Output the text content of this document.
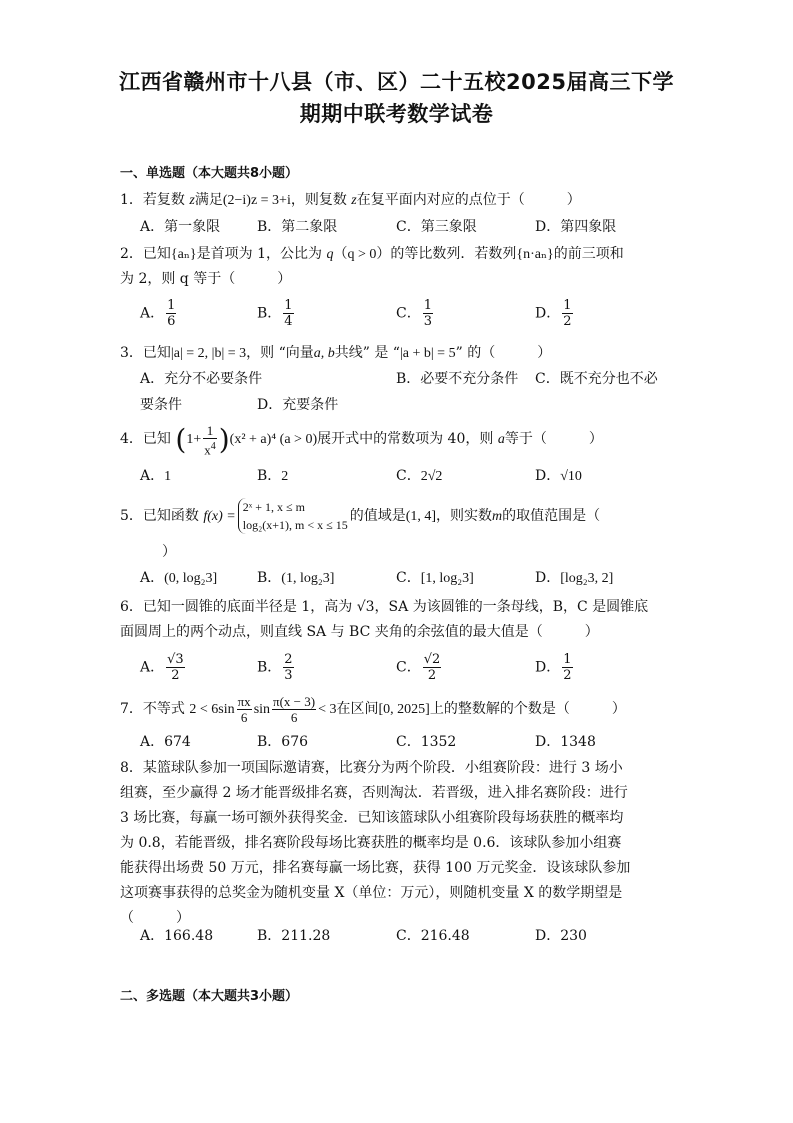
江西省赣州市十八县（市、区）二十五校2025届高三下学
期期中联考数学试卷
一、单选题（本大题共8小题）
1．若复数 z满足(2−i)z = 3+i，则复数 z在复平面内对应的点位于（　　　）
A．第一象限	B．第二象限	C．第三象限	D．第四象限
2．已知{aₙ}是首项为 1，公比为 q（q > 0）的等比数列．若数列{n·aₙ}的前三项和
为 2，则 q 等于（　　　）
A． $\frac{1}{6}$	B． $\frac{1}{4}$	C． $\frac{1}{3}$	D． $\frac{1}{2}$
3．已知|a| = 2, |b| = 3，则 “向量a, b共线” 是 “|a + b| = 5” 的（　　　）
A．充分不必要条件	B．必要不充分条件 C．既不充分也不必
要条件	D．充要条件
4．已知 $(1+ \frac{1}{x^4} )(x^2 + a)^4$ (a > 0)展开式中的常数项为 40，则 a等于（　　　）
A．1	B．2	C．2√2	D．√10
5．已知函数 f(x) =
2ˣ + 1, x ≤ m
log₂(x+1), m < x ≤ 15
的值域是(1, 4]，则实数m的取值范围是（
）
A．(0, log₂3]	B．(1, log₂3]	C．[1, log₂3]	D．[log₂3, 2]
6．已知一圆锥的底面半径是 1，高为 √3，SA 为该圆锥的一条母线，B，C 是圆锥底
面圆周上的两个动点，则直线 SA 与 BC 夹角的余弦值的最大值是（　　　）
A． $\frac{√3}{2}$	B． $\frac{2}{3}$	C． $\frac{√2}{2}$	D． $\frac{1}{2}$
7．不等式 $2 < 6\sin \frac{\pi x}{6}$ $\sin \frac{\pi(x - 3)}{6} < 3$在区间[0, 2025]上的整数解的个数是（　　　）
A．674	B．676	C．1352	D．1348
8．某篮球队参加一项国际邀请赛，比赛分为两个阶段．小组赛阶段：进行 3 场小
组赛，至少赢得 2 场才能晋级排名赛，否则淘汰．若晋级，进入排名赛阶段：进行
3 场比赛，每赢一场可额外获得奖金．已知该篮球队小组赛阶段每场获胜的概率均
为 0.8，若能晋级，排名赛阶段每场比赛获胜的概率均是 0.6．该球队参加小组赛
能获得出场费 50 万元，排名赛每赢一场比赛，获得 100 万元奖金．设该球队参加
这项赛事获得的总奖金为随机变量 X（单位：万元），则随机变量 X 的数学期望是
（　　　）
A．166.48	B．211.28	C．216.48	D．230
二、多选题（本大题共3小题）
